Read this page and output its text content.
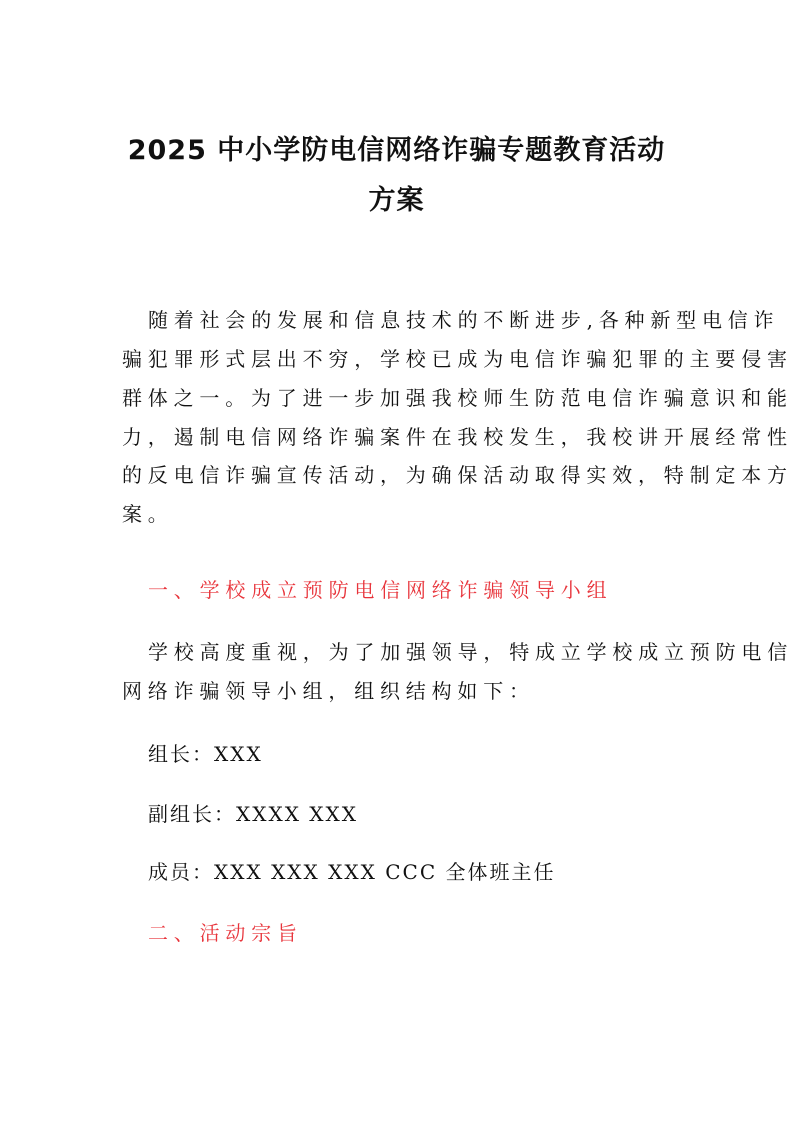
2025 中小学防电信网络诈骗专题教育活动
方案
随着社会的发展和信息技术的不断进步,各种新型电信诈
骗犯罪形式层出不穷，学校已成为电信诈骗犯罪的主要侵害
群体之一。为了进一步加强我校师生防范电信诈骗意识和能
力，遏制电信网络诈骗案件在我校发生，我校讲开展经常性
的反电信诈骗宣传活动，为确保活动取得实效，特制定本方
案。
一、学校成立预防电信网络诈骗领导小组
学校高度重视，为了加强领导，特成立学校成立预防电信
网络诈骗领导小组，组织结构如下：
组长：XXX
副组长：XXXX XXX
成员：XXX XXX XXX CCC 全体班主任
二、活动宗旨
